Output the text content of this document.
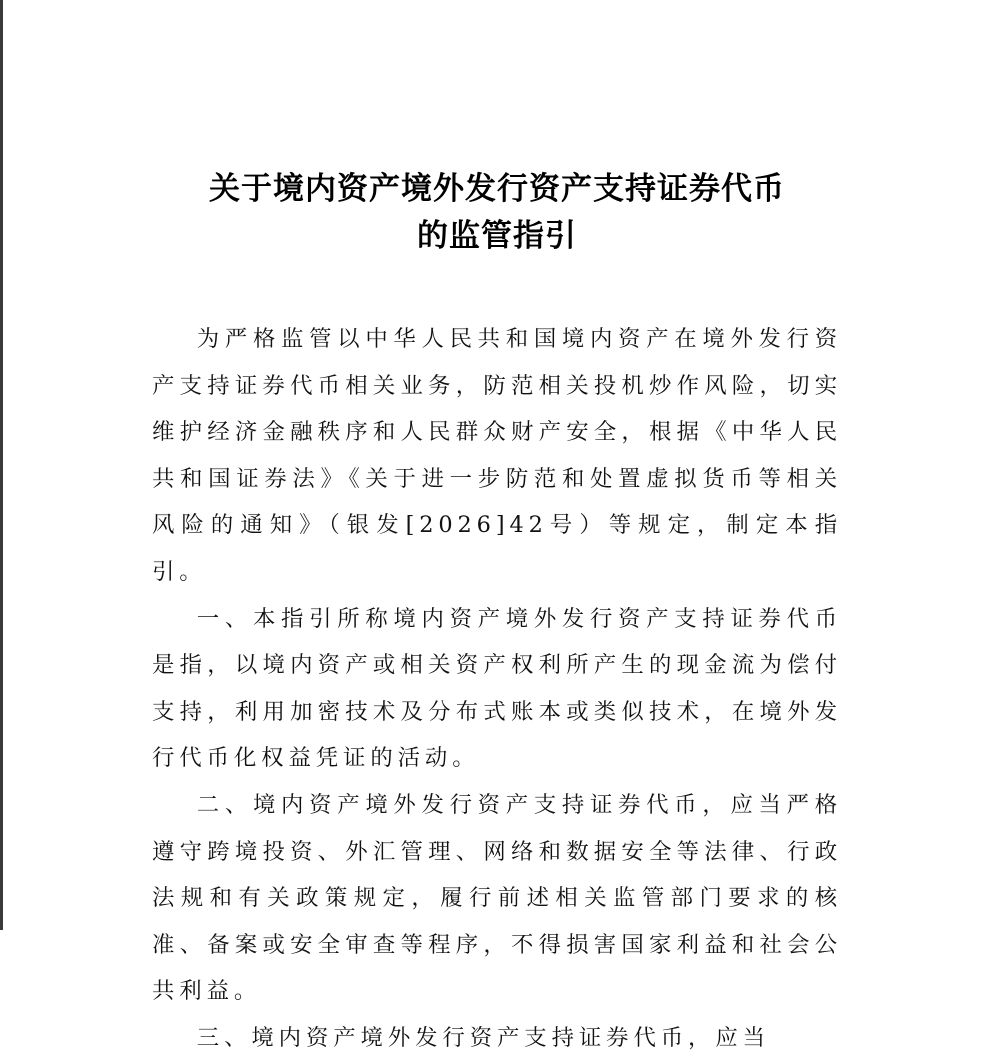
关于境内资产境外发行资产支持证券代币
的监管指引

为严格监管以中华人民共和国境内资产在境外发行资产支持证券代币相关业务，防范相关投机炒作风险，切实维护经济金融秩序和人民群众财产安全，根据《中华人民共和国证券法》《关于进一步防范和处置虚拟货币等相关风险的通知》（银发[2026]42号）等规定，制定本指引。

一、本指引所称境内资产境外发行资产支持证券代币是指，以境内资产或相关资产权利所产生的现金流为偿付支持，利用加密技术及分布式账本或类似技术，在境外发行代币化权益凭证的活动。

二、境内资产境外发行资产支持证券代币，应当严格遵守跨境投资、外汇管理、网络和数据安全等法律、行政法规和有关政策规定，履行前述相关监管部门要求的核准、备案或安全审查等程序，不得损害国家利益和社会公共利益。

三、境内资产境外发行资产支持证券代币，应当
